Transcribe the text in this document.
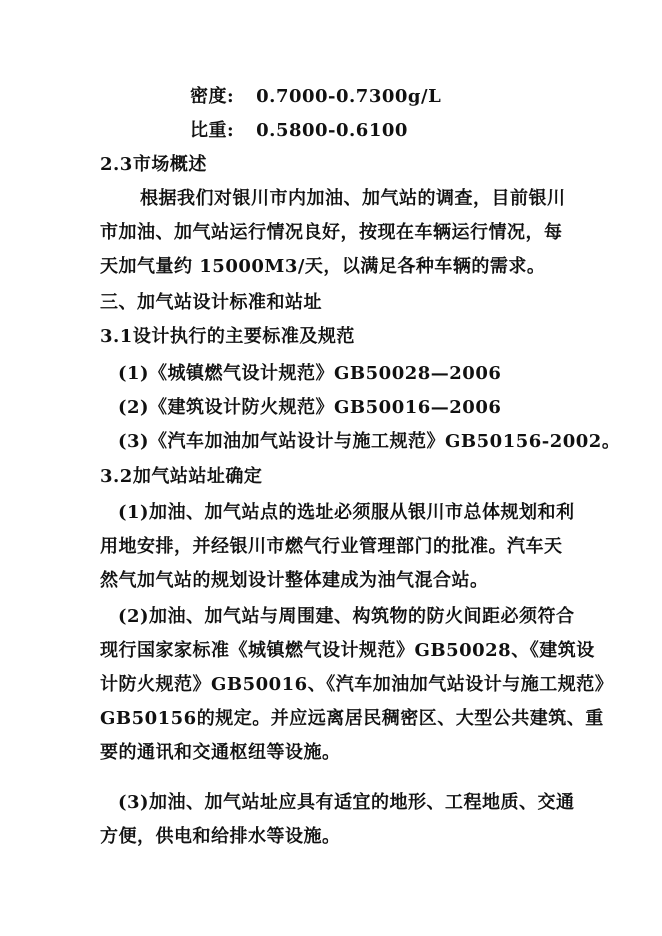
密度: 0.7000-0.7300g/L
比重: 0.5800-0.6100
2.3市场概述
根据我们对银川市内加油、加气站的调查，目前银川
市加油、加气站运行情况良好，按现在车辆运行情况，每
天加气量约 15000M3/天，以满足各种车辆的需求。
三、加气站设计标准和站址
3.1设计执行的主要标准及规范
(1)《城镇燃气设计规范》GB50028—2006
(2)《建筑设计防火规范》GB50016—2006
(3)《汽车加油加气站设计与施工规范》GB50156-2002。
3.2加气站站址确定
(1)加油、加气站点的选址必须服从银川市总体规划和利
用地安排，并经银川市燃气行业管理部门的批准。汽车天
然气加气站的规划设计整体建成为油气混合站。
(2)加油、加气站与周围建、构筑物的防火间距必须符合
现行国家家标准《城镇燃气设计规范》GB50028、《建筑设
计防火规范》GB50016、《汽车加油加气站设计与施工规范》
GB50156的规定。并应远离居民稠密区、大型公共建筑、重
要的通讯和交通枢纽等设施。
(3)加油、加气站址应具有适宜的地形、工程地质、交通
方便，供电和给排水等设施。
